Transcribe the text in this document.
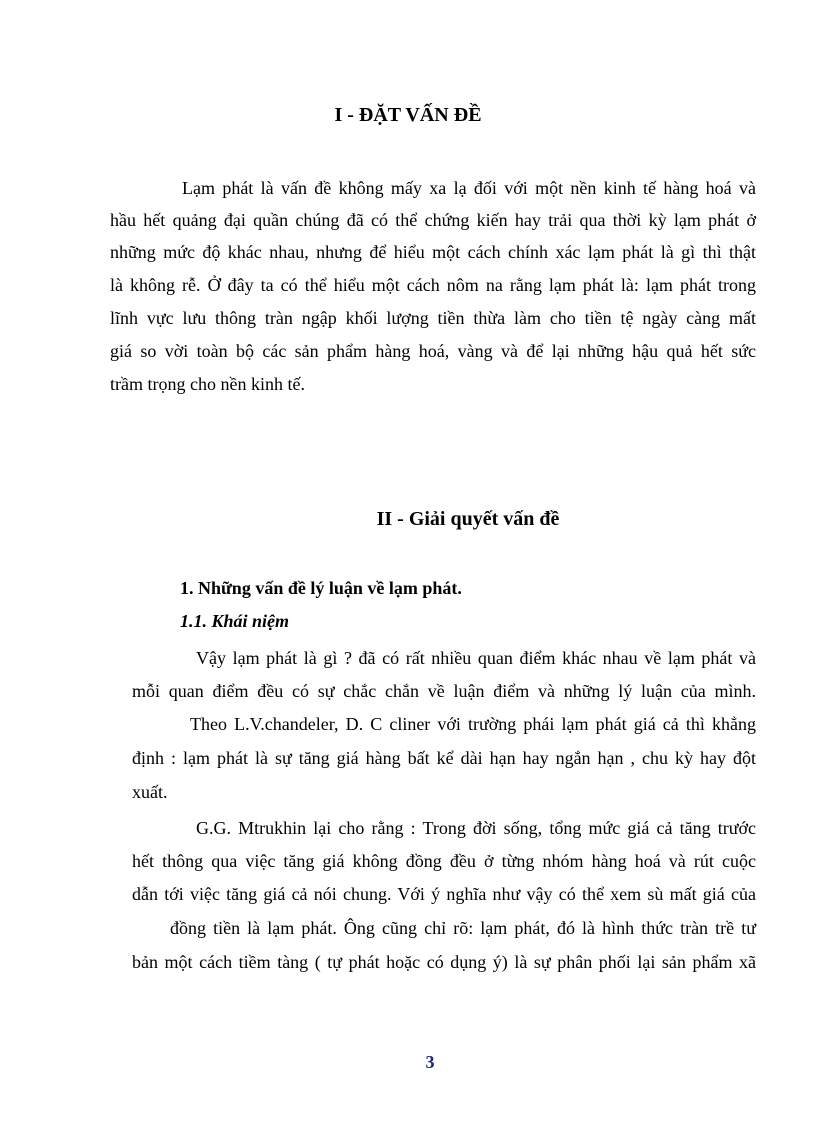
I - ĐẶT VẤN ĐỀ
Lạm phát là vấn đề không mấy xa lạ đối với một nền kinh tế hàng hoá và
hầu hết quảng đại quần chúng đã có thể chứng kiến hay trải qua thời kỳ lạm phát ở
những mức độ khác nhau, nhưng để hiểu một cách chính xác lạm phát là gì thì thật
là không rễ. Ở đây ta có thể hiểu một cách nôm na rằng lạm phát là: lạm phát trong
lĩnh vực lưu thông tràn ngập khối lượng tiền thừa làm cho tiền tệ ngày càng mất
giá so vời toàn bộ các sản phẩm hàng hoá, vàng và để lại những hậu quả hết sức
trầm trọng cho nền kinh tế.
II - Giải quyết vấn đề
1. Những vấn đề lý luận về lạm phát.
1.1. Khái niệm
Vậy lạm phát là gì ? đã có rất nhiều quan điểm khác nhau về lạm phát và
mỗi quan điểm đều có sự chắc chắn về luận điểm và những lý luận của mình.
Theo L.V.chandeler, D. C cliner với trường phái lạm phát giá cả thì khẳng
định : lạm phát là sự tăng giá hàng bất kể dài hạn hay ngắn hạn , chu kỳ hay đột
xuất.
G.G. Mtrukhin lại cho rằng : Trong đời sống, tổng mức giá cả tăng trước
hết thông qua việc tăng giá không đồng đều ở từng nhóm hàng hoá và rút cuộc
dẫn tới việc tăng giá cả nói chung. Với ý nghĩa như vậy có thể xem sù mất giá của
đồng tiền là lạm phát. Ông cũng chỉ rõ: lạm phát, đó là hình thức tràn trề tư
bản một cách tiềm tàng ( tự phát hoặc có dụng ý) là sự phân phối lại sản phẩm xã
3
